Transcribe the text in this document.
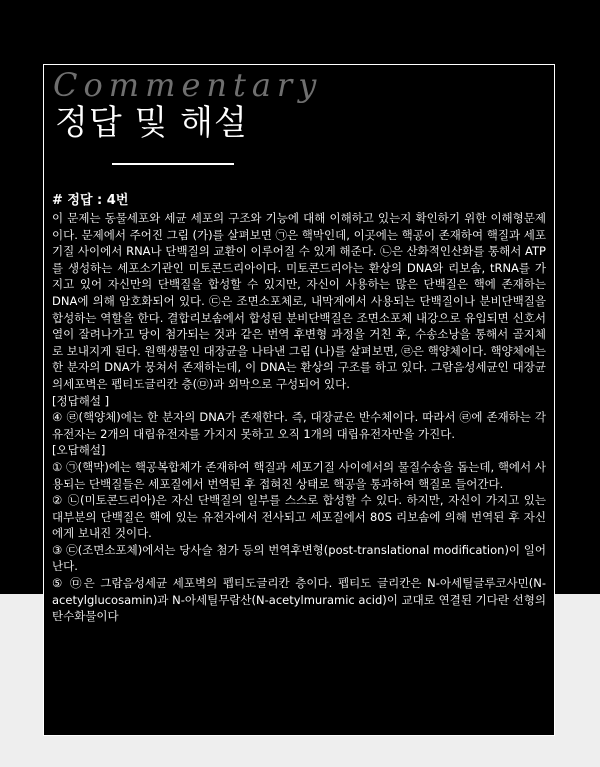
Commentary
정답 및 해설
# 정답 : 4번

이 문제는 동물세포와 세균 세포의 구조와 기능에 대해 이해하고 있는지 확인하기 위한 이해형문제이다. 문제에서 주어진 그림 (가)를 살펴보면 ㉠은 핵막인데, 이곳에는 핵공이 존재하여 핵질과 세포기질 사이에서 RNA나 단백질의 교환이 이루어질 수 있게 해준다. ㉡은 산화적인산화를 통해서 ATP를 생성하는 세포소기관인 미토콘드리아이다. 미토콘드리아는 환상의 DNA와 리보솜, tRNA를 가지고 있어 자신만의 단백질을 합성할 수 있지만, 자신이 사용하는 많은 단백질은 핵에 존재하는 DNA에 의해 암호화되어 있다. ㉢은 조면소포체로, 내막계에서 사용되는 단백질이나 분비단백질을 합성하는 역할을 한다. 결합리보솜에서 합성된 분비단백질은 조면소포체 내강으로 유입되면 신호서열이 잘려나가고 당이 첨가되는 것과 같은 번역 후변형 과정을 거친 후, 수송소낭을 통해서 골지체로 보내지게 된다. 원핵생물인 대장균을 나타낸 그림 (나)를 살펴보면, ㉣은 핵양체이다. 핵양체에는 한 분자의 DNA가 뭉쳐서 존재하는데, 이 DNA는 환상의 구조를 하고 있다. 그람음성세균인 대장균의세포벽은 펩티도글리칸 층(㉤)과 외막으로 구성되어 있다.

[정답해설 ]

④ ㉣(핵양체)에는 한 분자의 DNA가 존재한다. 즉, 대장균은 반수체이다. 따라서 ㉣에 존재하는 각 유전자는 2개의 대립유전자를 가지지 못하고 오직 1개의 대립유전자만을 가진다.

[오답해설]

① ㉠(핵막)에는 핵공복합체가 존재하여 핵질과 세포기질 사이에서의 물질수송을 돕는데, 핵에서 사용되는 단백질들은 세포질에서 번역된 후 접혀진 상태로 핵공을 통과하여 핵질로 들어간다.

② ㉡(미토콘드리아)은 자신 단백질의 일부를 스스로 합성할 수 있다. 하지만, 자신이 가지고 있는 대부분의 단백질은 핵에 있는 유전자에서 전사되고 세포질에서 80S 리보솜에 의해 번역된 후 자신에게 보내진 것이다.

③ ㉢(조면소포체)에서는 당사슬 첨가 등의 번역후변형(post-translational modification)이 일어난다.

⑤ ㉤은 그람음성세균 세포벽의 펩티도글리칸 층이다. 펩티도 글리칸은 N-아세틸글루코사민(N-acetylglucosamin)과 N-아세틸무람산(N-acetylmuramic acid)이 교대로 연결된 기다란 선형의 탄수화물이다
